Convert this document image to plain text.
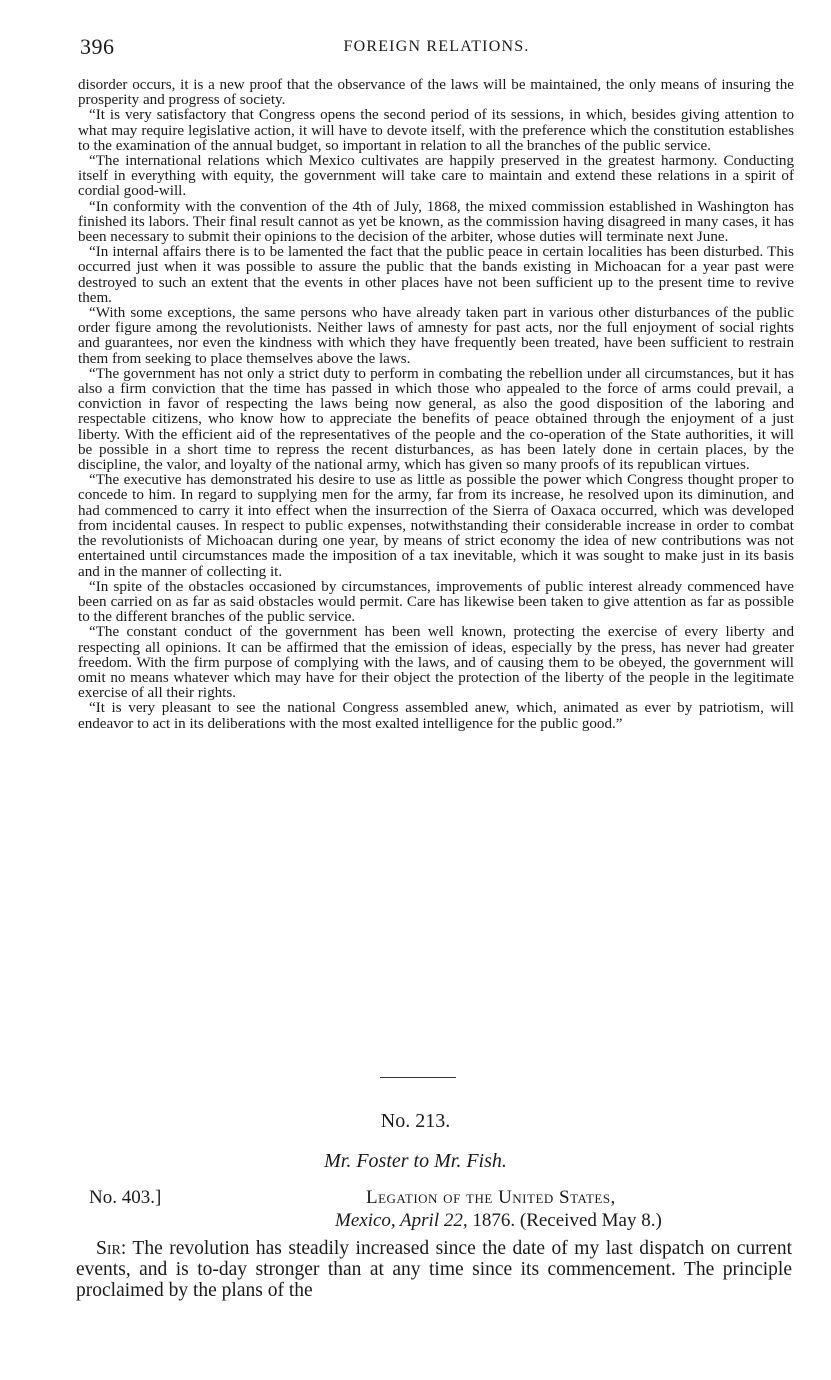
396	FOREIGN RELATIONS.

disorder occurs, it is a new proof that the observance of the laws will be maintained, the only means of insuring the prosperity and progress of society.

“It is very satisfactory that Congress opens the second period of its sessions, in which, besides giving attention to what may require legislative action, it will have to devote itself, with the preference which the constitution establishes to the examination of the annual budget, so important in relation to all the branches of the public service.

“The international relations which Mexico cultivates are happily preserved in the greatest harmony. Conducting itself in everything with equity, the government will take care to maintain and extend these relations in a spirit of cordial good-will.

“In conformity with the convention of the 4th of July, 1868, the mixed commission established in Washington has finished its labors. Their final result cannot as yet be known, as the commission having disagreed in many cases, it has been necessary to submit their opinions to the decision of the arbiter, whose duties will terminate next June.

“In internal affairs there is to be lamented the fact that the public peace in certain localities has been disturbed. This occurred just when it was possible to assure the public that the bands existing in Michoacan for a year past were destroyed to such an extent that the events in other places have not been sufficient up to the present time to revive them.

“With some exceptions, the same persons who have already taken part in various other disturbances of the public order figure among the revolutionists. Neither laws of amnesty for past acts, nor the full enjoyment of social rights and guarantees, nor even the kindness with which they have frequently been treated, have been sufficient to restrain them from seeking to place themselves above the laws.

“The government has not only a strict duty to perform in combating the rebellion under all circumstances, but it has also a firm conviction that the time has passed in which those who appealed to the force of arms could prevail, a conviction in favor of respecting the laws being now general, as also the good disposition of the laboring and respectable citizens, who know how to appreciate the benefits of peace obtained through the enjoyment of a just liberty. With the efficient aid of the representatives of the people and the co-operation of the State authorities, it will be possible in a short time to repress the recent disturbances, as has been lately done in certain places, by the discipline, the valor, and loyalty of the national army, which has given so many proofs of its republican virtues.

“The executive has demonstrated his desire to use as little as possible the power which Congress thought proper to concede to him. In regard to supplying men for the army, far from its increase, he resolved upon its diminution, and had commenced to carry it into effect when the insurrection of the Sierra of Oaxaca occurred, which was developed from incidental causes. In respect to public expenses, notwithstanding their considerable increase in order to combat the revolutionists of Michoacan during one year, by means of strict economy the idea of new contributions was not entertained until circumstances made the imposition of a tax inevitable, which it was sought to make just in its basis and in the manner of collecting it.

“In spite of the obstacles occasioned by circumstances, improvements of public interest already commenced have been carried on as far as said obstacles would permit. Care has likewise been taken to give attention as far as possible to the different branches of the public service.

“The constant conduct of the government has been well known, protecting the exercise of every liberty and respecting all opinions. It can be affirmed that the emission of ideas, especially by the press, has never had greater freedom. With the firm purpose of complying with the laws, and of causing them to be obeyed, the government will omit no means whatever which may have for their object the protection of the liberty of the people in the legitimate exercise of all their rights.

“It is very pleasant to see the national Congress assembled anew, which, animated as ever by patriotism, will endeavor to act in its deliberations with the most exalted intelligence for the public good.”

No. 213.
Mr. Foster to Mr. Fish.
No. 403.]	Legation of the United States,
Mexico, April 22, 1876. (Received May 8.)

Sir: The revolution has steadily increased since the date of my last dispatch on current events, and is to-day stronger than at any time since its commencement. The principle proclaimed by the plans of the
